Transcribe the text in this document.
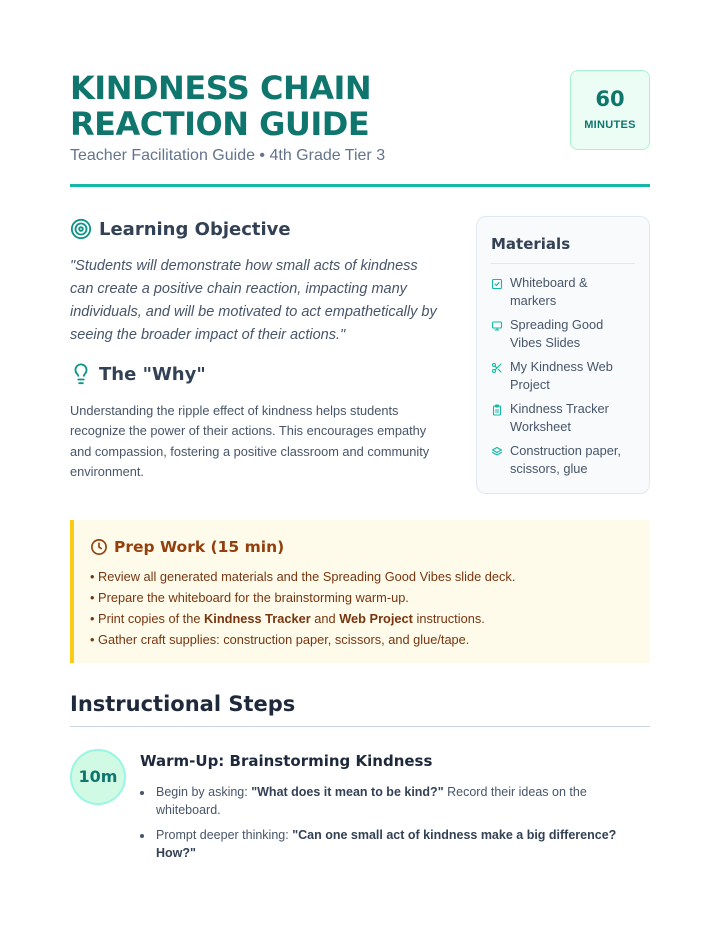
KINDNESS CHAIN REACTION GUIDE
Teacher Facilitation Guide • 4th Grade Tier 3
60
MINUTES
Learning Objective

"Students will demonstrate how small acts of kindness can create a positive chain reaction, impacting many individuals, and will be motivated to act empathetically by seeing the broader impact of their actions."

The "Why"

Understanding the ripple effect of kindness helps students recognize the power of their actions. This encourages empathy and compassion, fostering a positive classroom and community environment.

Materials
Whiteboard & markers
Spreading Good Vibes Slides
My Kindness Web Project
Kindness Tracker Worksheet
Construction paper, scissors, glue
Prep Work (15 min)
• Review all generated materials and the Spreading Good Vibes slide deck.
• Prepare the whiteboard for the brainstorming warm-up.
• Print copies of the Kindness Tracker and Web Project instructions.
• Gather craft supplies: construction paper, scissors, and glue/tape.
Instructional Steps
10m
Warm-Up: Brainstorming Kindness
• Begin by asking: "What does it mean to be kind?" Record their ideas on the whiteboard.
• Prompt deeper thinking: "Can one small act of kindness make a big difference? How?"
